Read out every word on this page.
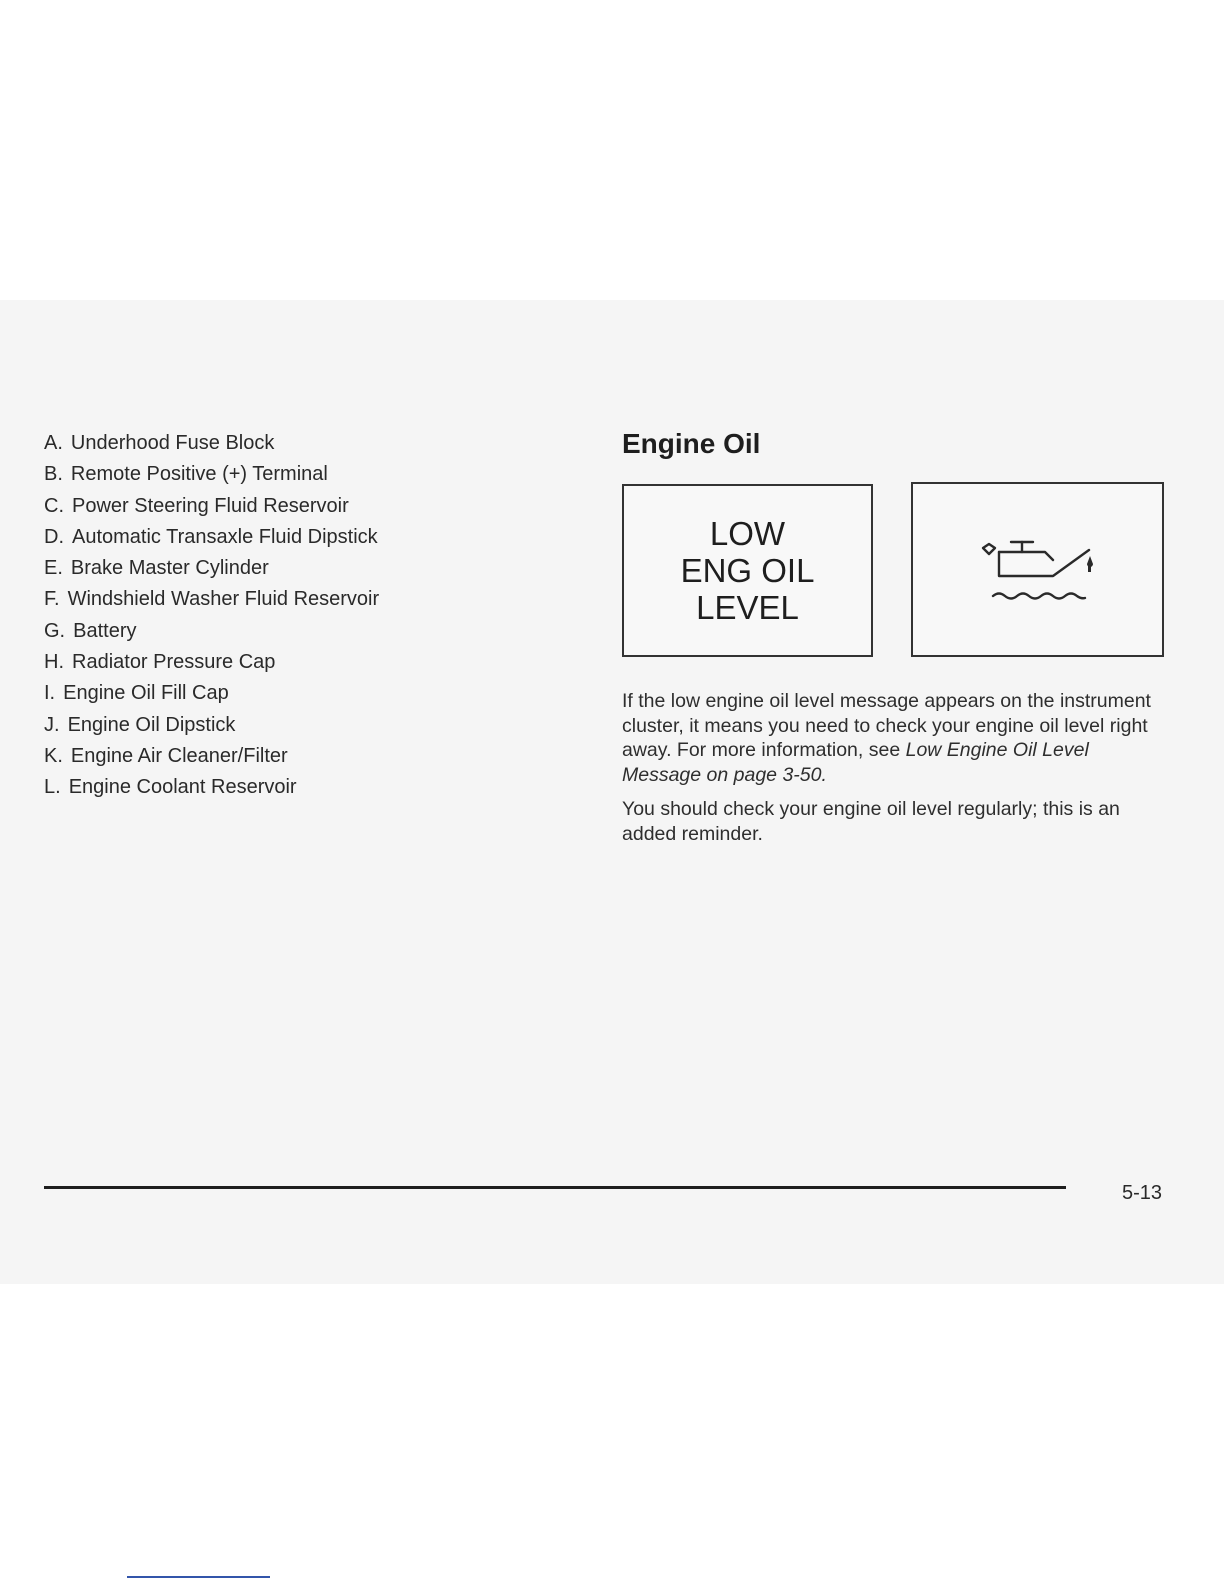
A. Underhood Fuse Block
B. Remote Positive (+) Terminal
C. Power Steering Fluid Reservoir
D. Automatic Transaxle Fluid Dipstick
E. Brake Master Cylinder
F. Windshield Washer Fluid Reservoir
G. Battery
H. Radiator Pressure Cap
I. Engine Oil Fill Cap
J. Engine Oil Dipstick
K. Engine Air Cleaner/Filter
L. Engine Coolant Reservoir
Engine Oil
LOW
ENG OIL
LEVEL

If the low engine oil level message appears on the instrument cluster, it means you need to check your engine oil level right away. For more information, see Low Engine Oil Level Message on page 3-50.

You should check your engine oil level regularly; this is an added reminder.

5-13
